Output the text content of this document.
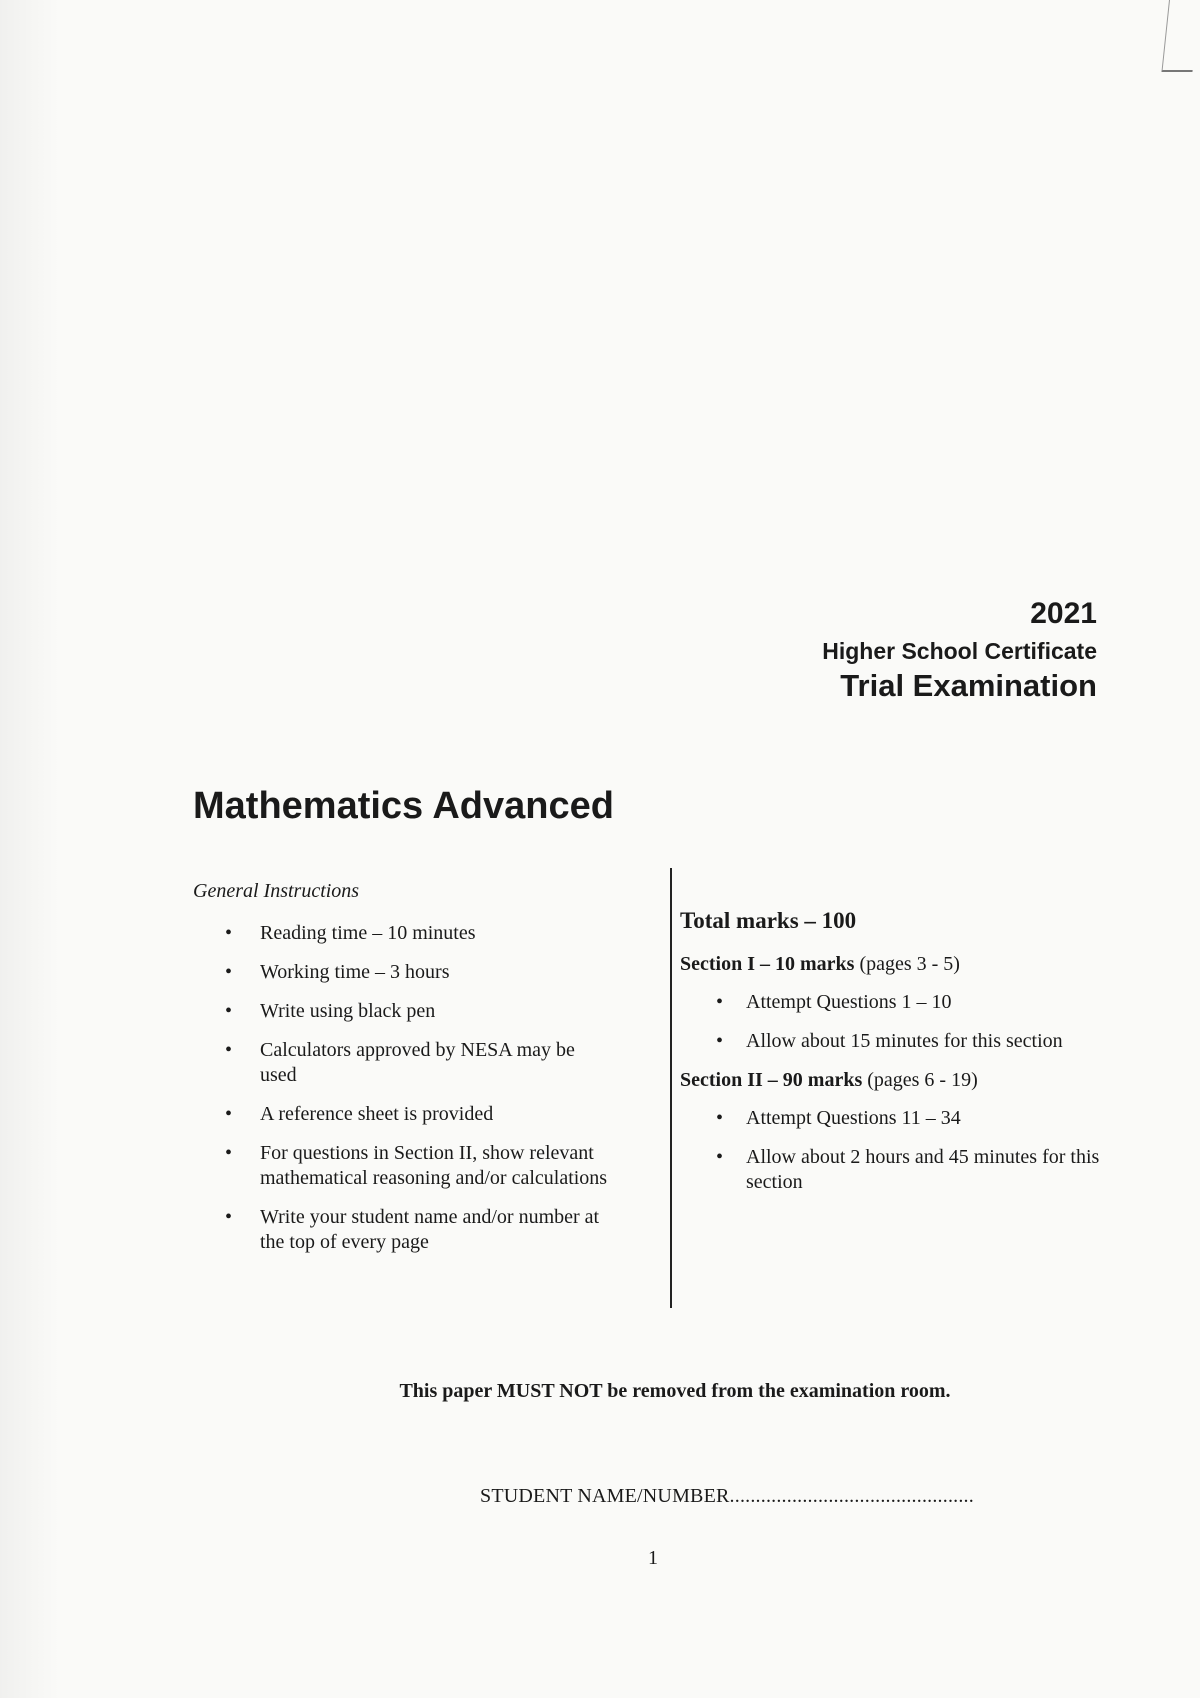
2021
Higher School Certificate
Trial Examination
Mathematics Advanced

General Instructions

• Reading time – 10 minutes
• Working time – 3 hours
• Write using black pen
• Calculators approved by NESA may be used
• A reference sheet is provided
• For questions in Section II, show relevant mathematical reasoning and/or calculations
• Write your student name and/or number at the top of every page

Total marks – 100

Section I – 10 marks (pages 3 - 5)

• Attempt Questions 1 – 10
• Allow about 15 minutes for this section

Section II – 90 marks (pages 6 - 19)

• Attempt Questions 11 – 34
• Allow about 2 hours and 45 minutes for this section
This paper MUST NOT be removed from the examination room.
STUDENT NAME/NUMBER...............................................
1
